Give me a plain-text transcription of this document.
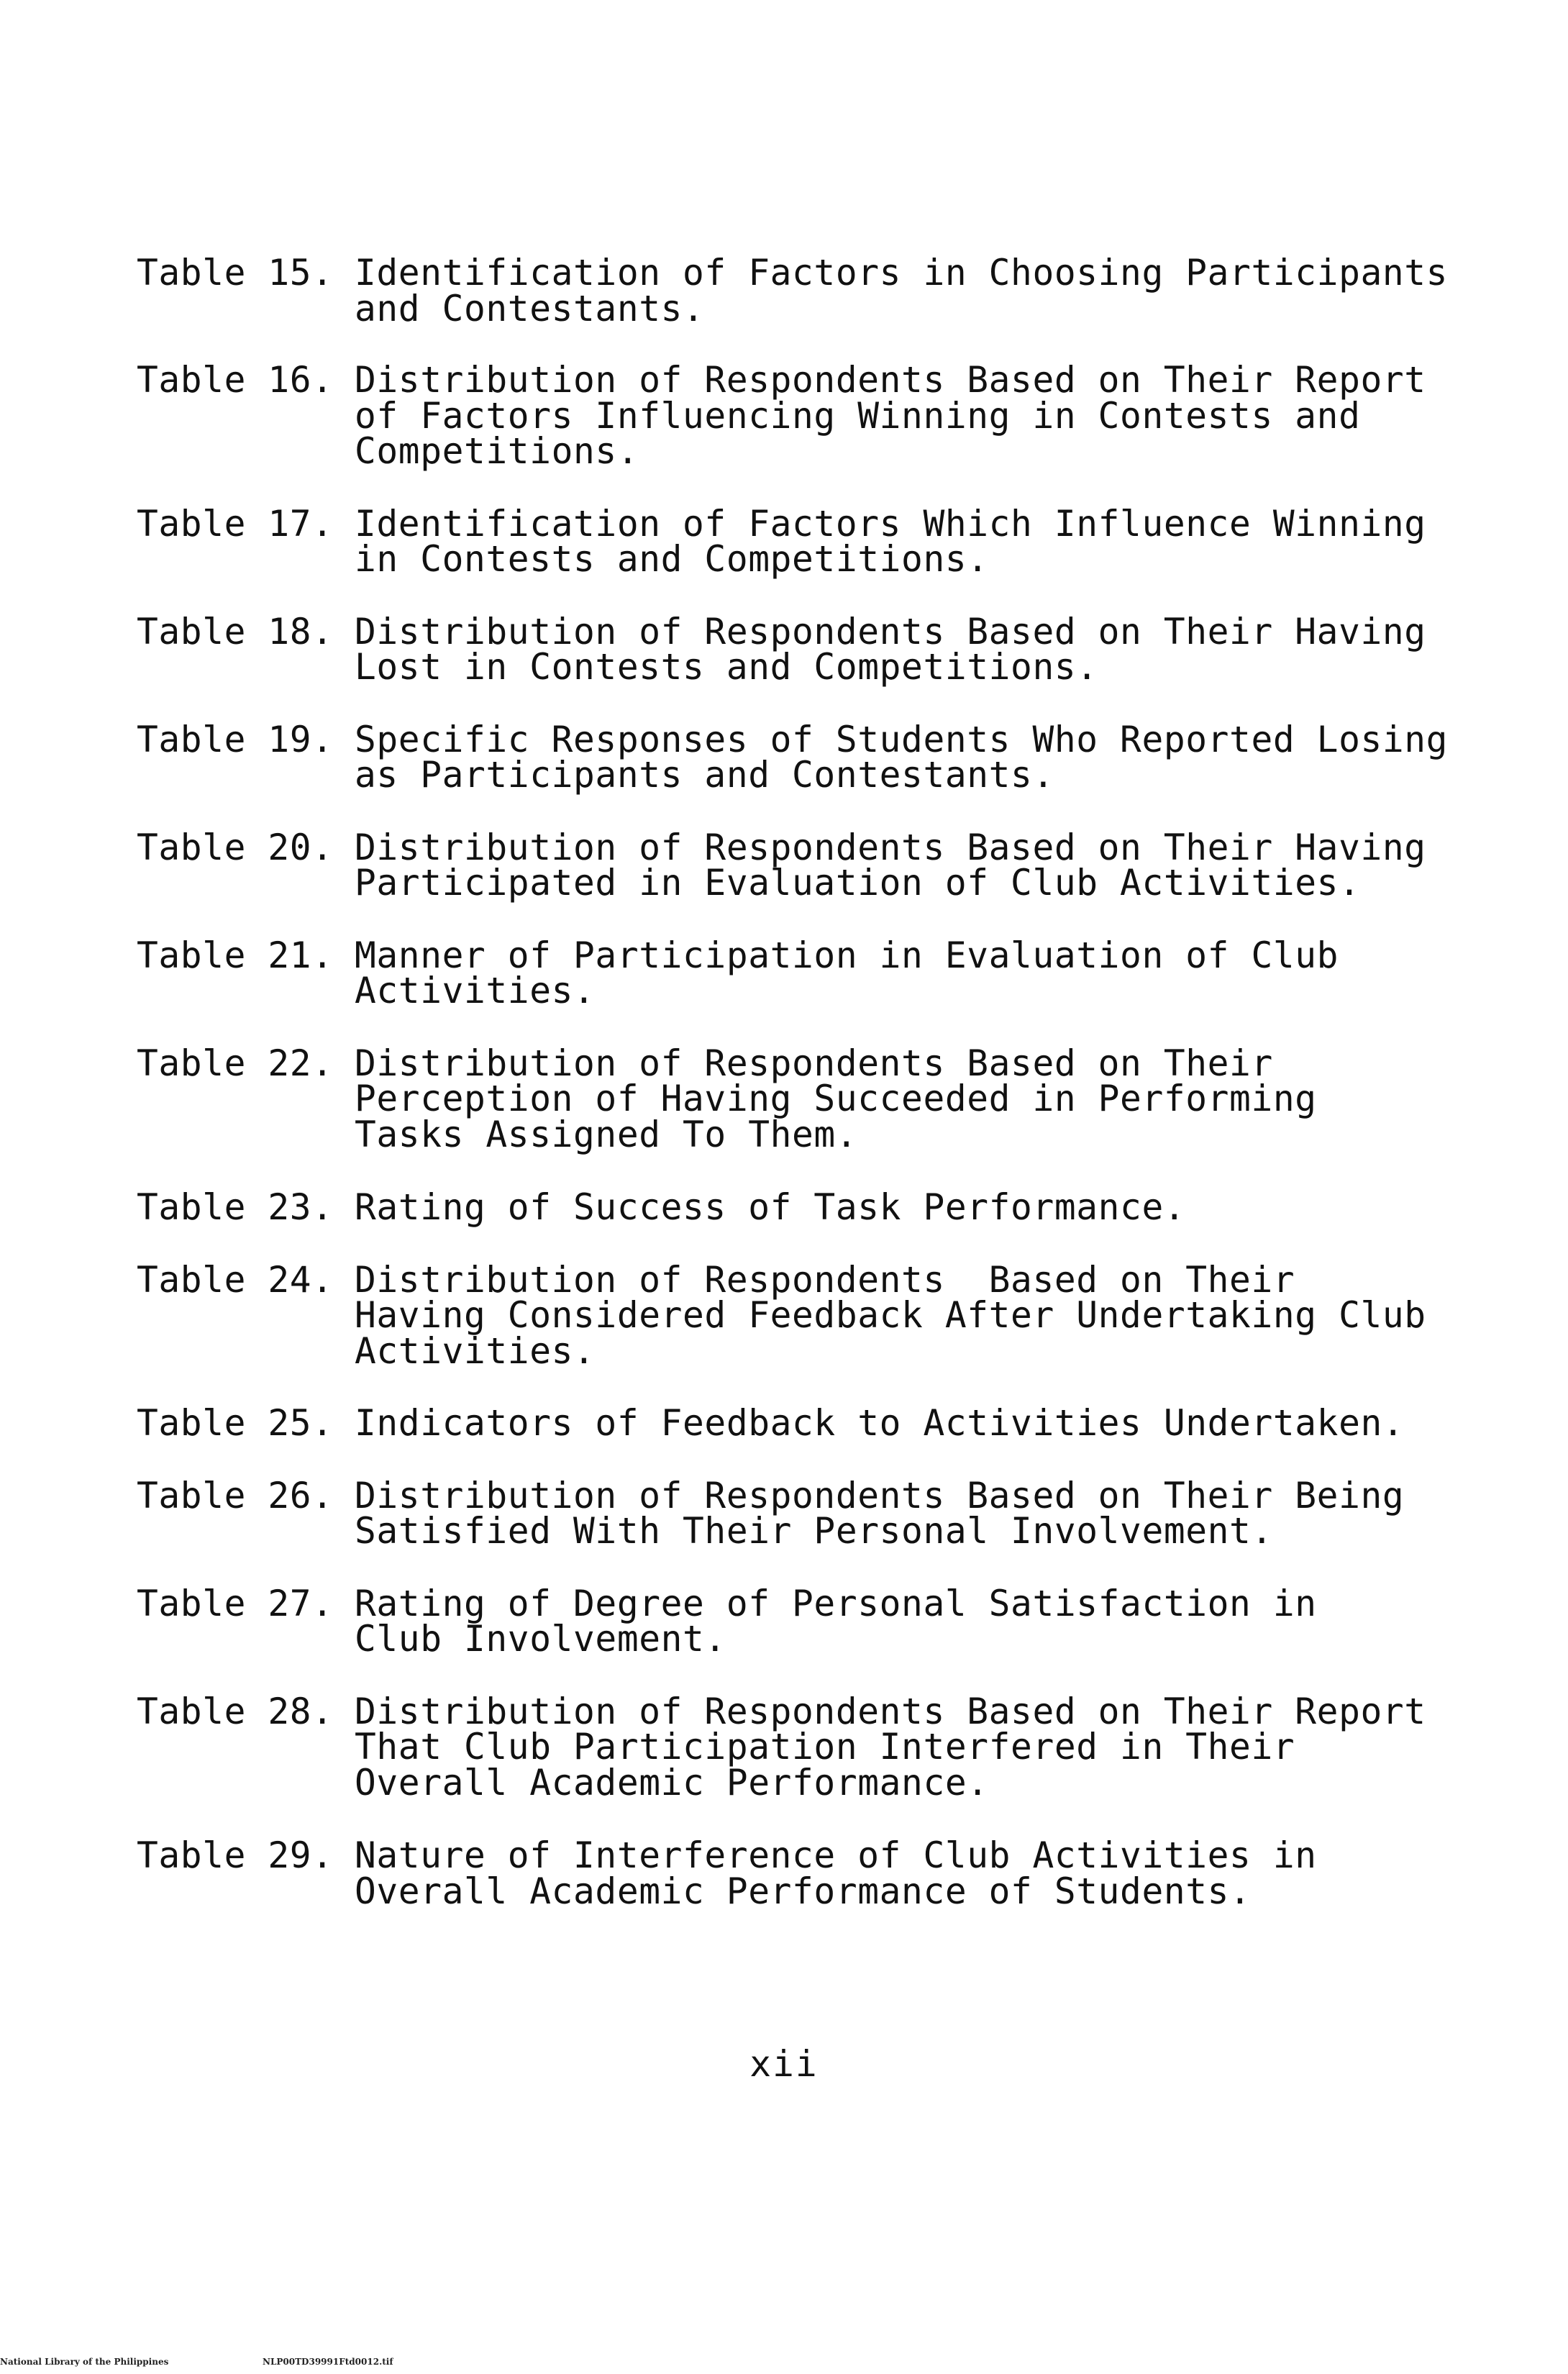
Table 15. Identification of Factors in Choosing Participants
and Contestants.
Table 16. Distribution of Respondents Based on Their Report
of Factors Influencing Winning in Contests and
Competitions.
Table 17. Identification of Factors Which Influence Winning
in Contests and Competitions.
Table 18. Distribution of Respondents Based on Their Having
Lost in Contests and Competitions.
Table 19. Specific Responses of Students Who Reported Losing
as Participants and Contestants.
Table 20. Distribution of Respondents Based on Their Having
Participated in Evaluation of Club Activities.
Table 21. Manner of Participation in Evaluation of Club
Activities.
Table 22. Distribution of Respondents Based on Their
Perception of Having Succeeded in Performing
Tasks Assigned To Them.
Table 23. Rating of Success of Task Performance.
Table 24. Distribution of Respondents  Based on Their
Having Considered Feedback After Undertaking Club
Activities.
Table 25. Indicators of Feedback to Activities Undertaken.
Table 26. Distribution of Respondents Based on Their Being
Satisfied With Their Personal Involvement.
Table 27. Rating of Degree of Personal Satisfaction in
Club Involvement.
Table 28. Distribution of Respondents Based on Their Report
That Club Participation Interfered in Their
Overall Academic Performance.
Table 29. Nature of Interference of Club Activities in
Overall Academic Performance of Students.
xii
National Library of the Philippines	NLP00TD39991Ftd0012.tif
